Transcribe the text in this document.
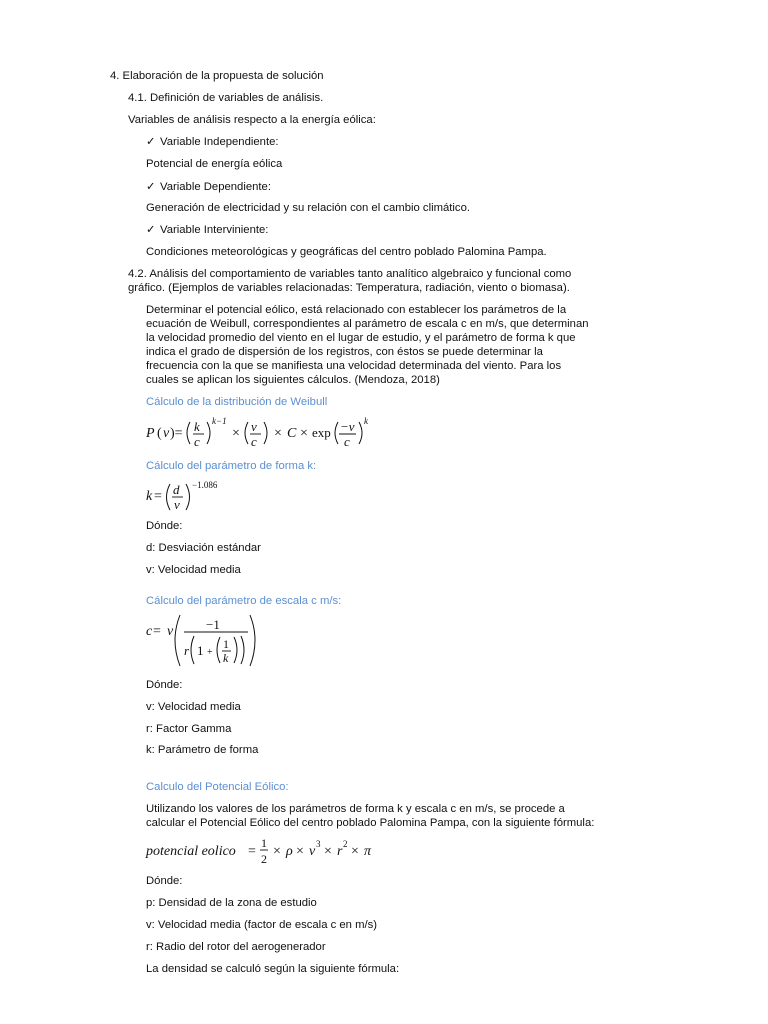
4. Elaboración de la propuesta de solución
4.1. Definición de variables de análisis.
Variables de análisis respecto a la energía eólica:
✓ Variable Independiente:
Potencial de energía eólica
✓ Variable Dependiente:
Generación de electricidad y su relación con el cambio climático.
✓ Variable Interviniente:
Condiciones meteorológicas y geográficas del centro poblado Palomina Pampa.
4.2. Análisis del comportamiento de variables tanto analítico algebraico y funcional como
gráfico. (Ejemplos de variables relacionadas: Temperatura, radiación, viento o biomasa).
Determinar el potencial eólico, está relacionado con establecer los parámetros de la
ecuación de Weibull, correspondientes al parámetro de escala c en m/s, que determinan
la velocidad promedio del viento en el lugar de estudio, y el parámetro de forma k que
indica el grado de dispersión de los registros, con éstos se puede determinar la
frecuencia con la que se manifiesta una velocidad determinada del viento. Para los
cuales se aplican los siguientes cálculos. (Mendoza, 2018)
Cálculo de la distribución de Weibull
P ( v )= k
c
k−1
× v
c
× C × exp −v
c
k
Cálculo del parámetro de forma k:
k = d
v
−1.086
Dónde:
d: Desviación estándar
v: Velocidad media
Cálculo del parámetro de escala c m/s:
c = v	−1
r 1 +
1
k
Dónde:
v: Velocidad media
r: Factor Gamma
k: Parámetro de forma
Calculo del Potencial Eólico:
Utilizando los valores de los parámetros de forma k y escala c en m/s, se procede a
calcular el Potencial Eólico del centro poblado Palomina Pampa, con la siguiente fórmula:
potencial eolico =
1
2 × ρ × v 3 × r 2 × π
Dónde:
p: Densidad de la zona de estudio
v: Velocidad media (factor de escala c en m/s)
r: Radio del rotor del aerogenerador
La densidad se calculó según la siguiente fórmula:
